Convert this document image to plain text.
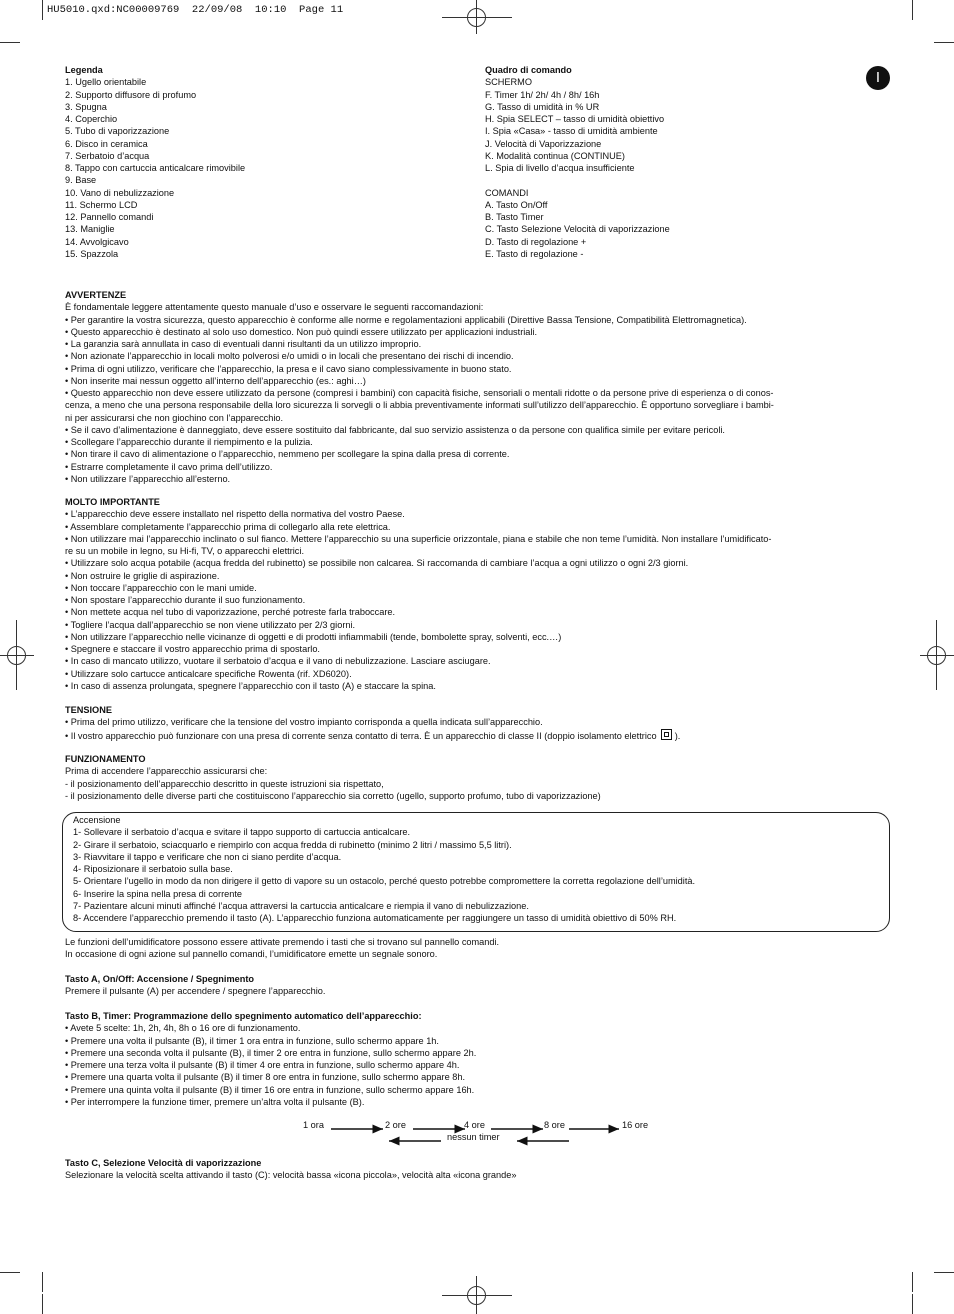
HU5010.qxd:NC00009769  22/09/08  10:10  Page 11
I
Legenda
1. Ugello orientabile
2. Supporto diffusore di profumo
3. Spugna
4. Coperchio
5. Tubo di vaporizzazione
6. Disco in ceramica
7. Serbatoio d’acqua
8. Tappo con cartuccia anticalcare rimovibile
9. Base
10. Vano di nebulizzazione
11. Schermo LCD
12. Pannello comandi
13. Maniglie
14. Avvolgicavo
15. Spazzola
Quadro di comando
SCHERMO
F. Timer 1h/ 2h/ 4h / 8h/ 16h
G. Tasso di umidità in % UR
H. Spia SELECT – tasso di umidità obiettivo
I. Spia «Casa» - tasso di umidità ambiente
J. Velocità di Vaporizzazione
K. Modalità continua (CONTINUE)
L. Spia di livello d’acqua insufficiente
COMANDI
A. Tasto On/Off
B. Tasto Timer
C. Tasto Selezione Velocità di vaporizzazione
D. Tasto di regolazione +
E. Tasto di regolazione -
AVVERTENZE
È fondamentale leggere attentamente questo manuale d’uso e osservare le seguenti raccomandazioni:
• Per garantire la vostra sicurezza, questo apparecchio è conforme alle norme e regolamentazioni applicabili (Direttive Bassa Tensione, Compatibilità Elettromagnetica).
• Questo apparecchio è destinato al solo uso domestico. Non può quindi essere utilizzato per applicazioni industriali.
• La garanzia sarà annullata in caso di eventuali danni risultanti da un utilizzo improprio.
• Non azionate l’apparecchio in locali molto polverosi e/o umidi o in locali che presentano dei rischi di incendio.
• Prima di ogni utilizzo, verificare che l’apparecchio, la presa e il cavo siano complessivamente in buono stato.
• Non inserite mai nessun oggetto all’interno dell’apparecchio (es.: aghi…)
• Questo apparecchio non deve essere utilizzato da persone (compresi i bambini) con capacità fisiche, sensoriali o mentali ridotte o da persone prive di esperienza o di conos-
cenza, a meno che una persona responsabile della loro sicurezza li sorvegli o li abbia preventivamente informati sull’utilizzo dell’apparecchio. È opportuno sorvegliare i bambi-
ni per assicurarsi che non giochino con l’apparecchio.
• Se il cavo d’alimentazione è danneggiato, deve essere sostituito dal fabbricante, dal suo servizio assistenza o da persone con qualifica simile per evitare pericoli.
• Scollegare l’apparecchio durante il riempimento e la pulizia.
• Non tirare il cavo di alimentazione o l’apparecchio, nemmeno per scollegare la spina dalla presa di corrente.
• Estrarre completamente il cavo prima dell’utilizzo.
• Non utilizzare l’apparecchio all’esterno.
MOLTO IMPORTANTE
• L’apparecchio deve essere installato nel rispetto della normativa del vostro Paese.
• Assemblare completamente l’apparecchio prima di collegarlo alla rete elettrica.
• Non utilizzare mai l’apparecchio inclinato o sul fianco. Mettere l’apparecchio su una superficie orizzontale, piana e stabile che non teme l’umidità. Non installare l’umidificato-
re su un mobile in legno, su Hi-fi, TV, o apparecchi elettrici.
• Utilizzare solo acqua potabile (acqua fredda del rubinetto) se possibile non calcarea. Si raccomanda di cambiare l’acqua a ogni utilizzo o ogni 2/3 giorni.
• Non ostruire le griglie di aspirazione.
• Non toccare l’apparecchio con le mani umide.
• Non spostare l’apparecchio durante il suo funzionamento.
• Non mettete acqua nel tubo di vaporizzazione, perché potreste farla traboccare.
• Togliere l’acqua dall’apparecchio se non viene utilizzato per 2/3 giorni.
• Non utilizzare l’apparecchio nelle vicinanze di oggetti e di prodotti infiammabili (tende, bombolette spray, solventi, ecc.…)
• Spegnere e staccare il vostro apparecchio prima di spostarlo.
• In caso di mancato utilizzo, vuotare il serbatoio d’acqua e il vano di nebulizzazione. Lasciare asciugare.
• Utilizzare solo cartucce anticalcare specifiche Rowenta (rif. XD6020).
• In caso di assenza prolungata, spegnere l’apparecchio con il tasto (A) e staccare la spina.
TENSIONE
• Prima del primo utilizzo, verificare che la tensione del vostro impianto corrisponda a quella indicata sull’apparecchio.
• Il vostro apparecchio può funzionare con una presa di corrente senza contatto di terra. È un apparecchio di classe II (doppio isolamento elettrico ).
FUNZIONAMENTO
Prima di accendere l’apparecchio assicurarsi che:
- il posizionamento dell’apparecchio descritto in queste istruzioni sia rispettato,
- il posizionamento delle diverse parti che costituiscono l’apparecchio sia corretto (ugello, supporto profumo, tubo di vaporizzazione)
Accensione
1- Sollevare il serbatoio d’acqua e svitare il tappo supporto di cartuccia anticalcare.
2- Girare il serbatoio, sciacquarlo e riempirlo con acqua fredda di rubinetto (minimo 2 litri / massimo 5,5 litri).
3- Riavvitare il tappo e verificare che non ci siano perdite d’acqua.
4- Riposizionare il serbatoio sulla base.
5- Orientare l’ugello in modo da non dirigere il getto di vapore su un ostacolo, perché questo potrebbe compromettere la corretta regolazione dell’umidità.
6- Inserire la spina nella presa di corrente
7- Pazientare alcuni minuti affinché l’acqua attraversi la cartuccia anticalcare e riempia il vano di nebulizzazione.
8- Accendere l’apparecchio premendo il tasto (A). L’apparecchio funziona automaticamente per raggiungere un tasso di umidità obiettivo di 50% RH.
Le funzioni dell’umidificatore possono essere attivate premendo i tasti che si trovano sul pannello comandi.
In occasione di ogni azione sul pannello comandi, l’umidificatore emette un segnale sonoro.
Tasto A, On/Off: Accensione / Spegnimento
Premere il pulsante (A) per accendere / spegnere l’apparecchio.
Tasto B, Timer: Programmazione dello spegnimento automatico dell’apparecchio:
• Avete 5 scelte: 1h, 2h, 4h, 8h o 16 ore di funzionamento.
• Premere una volta il pulsante (B), il timer 1 ora entra in funzione, sullo schermo appare 1h.
• Premere una seconda volta il pulsante (B), il timer 2 ore entra in funzione, sullo schermo appare 2h.
• Premere una terza volta il pulsante (B) il timer 4 ore entra in funzione, sullo schermo appare 4h.
• Premere una quarta volta il pulsante (B) il timer 8 ore entra in funzione, sullo schermo appare 8h.
• Premere una quinta volta il pulsante (B) il timer 16 ore entra in funzione, sullo schermo appare 16h.
• Per interrompere la funzione timer, premere un’altra volta il pulsante (B).
1 ora	2 ore	4 ore	8 ore	16 ore
nessun timer
Tasto C, Selezione Velocità di vaporizzazione
Selezionare la velocità scelta attivando il tasto (C): velocità bassa «icona piccola», velocità alta «icona grande»
